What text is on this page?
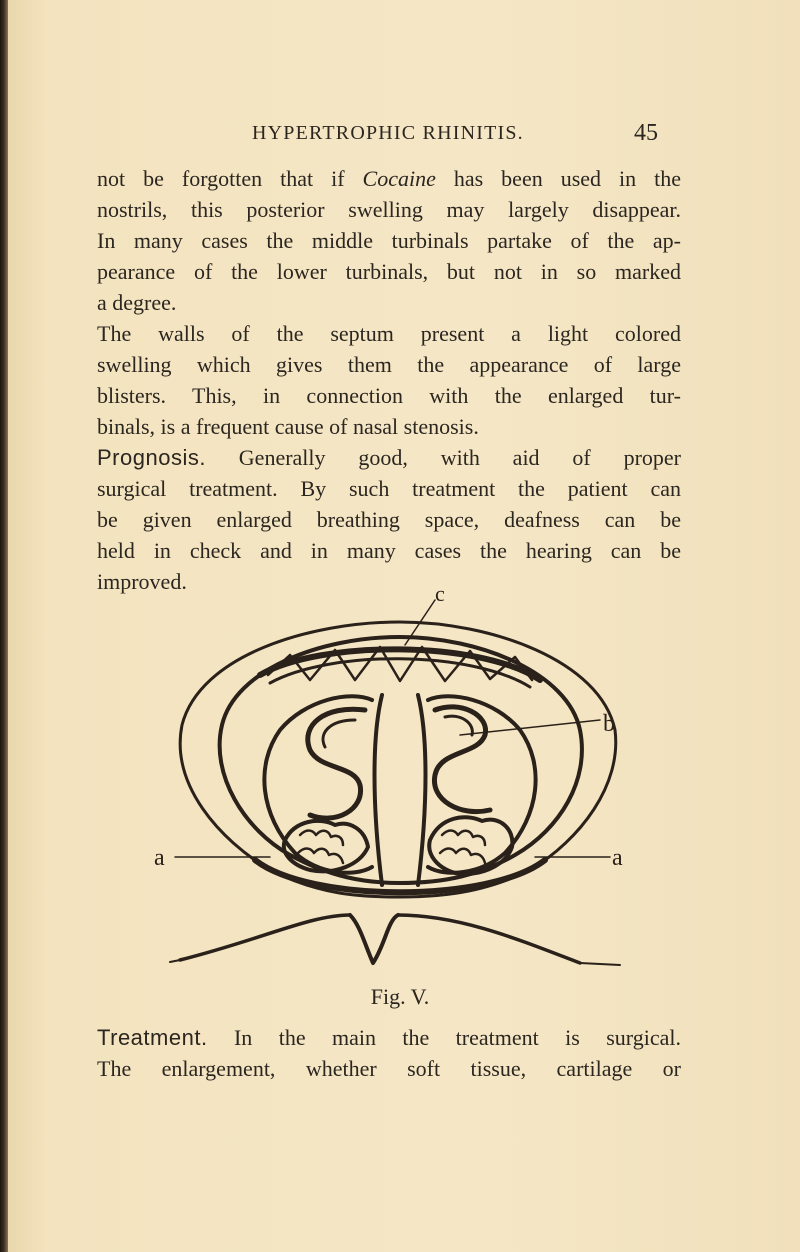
HYPERTROPHIC RHINITIS.	45
not be forgotten that if Cocaine has been used in the
nostrils, this posterior swelling may largely disappear.
In many cases the middle turbinals partake of the ap-
pearance of the lower turbinals, but not in so marked
a degree.
The walls of the septum present a light colored
swelling which gives them the appearance of large
blisters. This, in connection with the enlarged tur-
binals, is a frequent cause of nasal stenosis.
Prognosis. Generally good, with aid of proper
surgical treatment. By such treatment the patient can
be given enlarged breathing space, deafness can be
held in check and in many cases the hearing can be
improved.	c
b
a	a
Fig. V.
Treatment. In the main the treatment is surgical.
The enlargement, whether soft tissue, cartilage or
